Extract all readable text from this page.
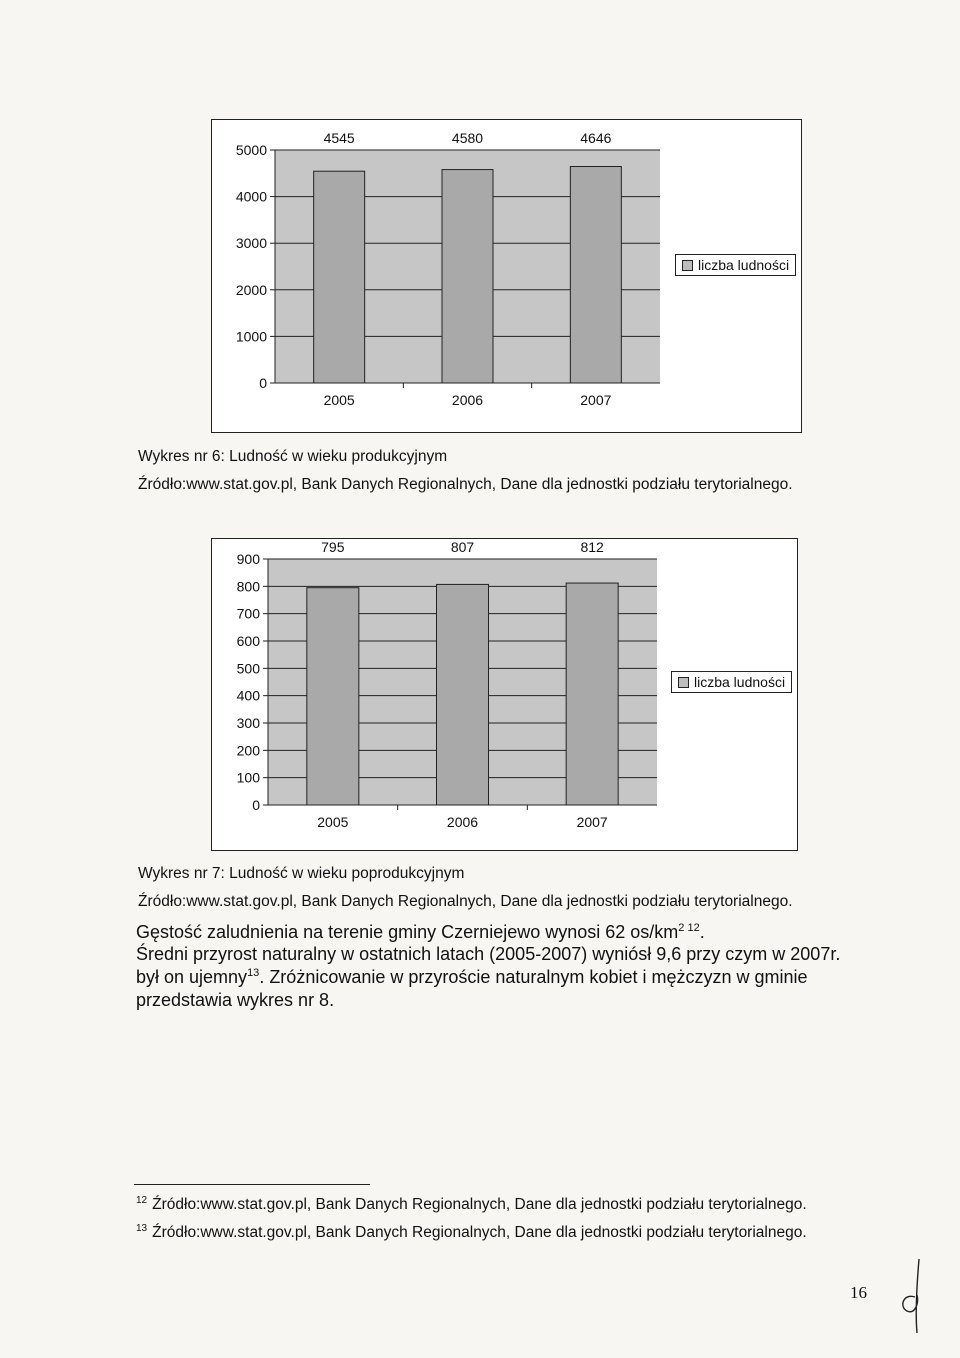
0
1000
2000
3000
4000
5000
4545
2005
4580
2006
4646
2007
liczba ludności
Wykres nr 6: Ludność w wieku produkcyjnym
Źródło:www.stat.gov.pl, Bank Danych Regionalnych, Dane dla jednostki podziału terytorialnego.
0
100
200
300
400
500
600
700
800
900
795
2005
807
2006
812
2007
liczba ludności
Wykres nr 7: Ludność w wieku poprodukcyjnym
Źródło:www.stat.gov.pl, Bank Danych Regionalnych, Dane dla jednostki podziału terytorialnego.
Gęstość zaludnienia na terenie gminy Czerniejewo wynosi 62 $os/km^{2 12}$.
Średni przyrost naturalny w ostatnich latach (2005-2007) wyniósł 9,6 przy czym w 2007r.
był on ujemny$^{13}$. Zróżnicowanie w przyroście naturalnym kobiet i mężczyzn w gminie
przedstawia wykres nr 8.
$^{12}$ Źródło:www.stat.gov.pl, Bank Danych Regionalnych, Dane dla jednostki podziału terytorialnego.
$^{13}$ Źródło:www.stat.gov.pl, Bank Danych Regionalnych, Dane dla jednostki podziału terytorialnego.
16
